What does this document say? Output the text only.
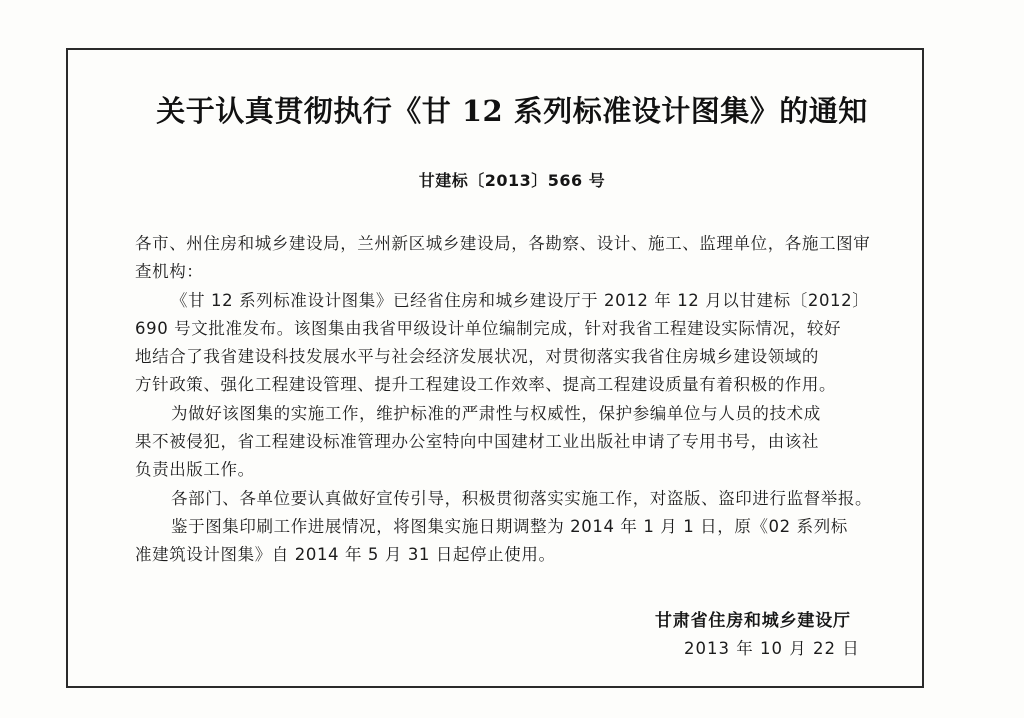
关于认真贯彻执行《甘 12 系列标准设计图集》的通知
甘建标〔2013〕566 号
各市、州住房和城乡建设局，兰州新区城乡建设局，各勘察、设计、施工、监理单位，各施工图审
查机构：
《甘 12 系列标准设计图集》已经省住房和城乡建设厅于 2012 年 12 月以甘建标〔2012〕
690 号文批准发布。该图集由我省甲级设计单位编制完成，针对我省工程建设实际情况，较好
地结合了我省建设科技发展水平与社会经济发展状况，对贯彻落实我省住房城乡建设领域的
方针政策、强化工程建设管理、提升工程建设工作效率、提高工程建设质量有着积极的作用。
为做好该图集的实施工作，维护标准的严肃性与权威性，保护参编单位与人员的技术成
果不被侵犯，省工程建设标准管理办公室特向中国建材工业出版社申请了专用书号，由该社
负责出版工作。
各部门、各单位要认真做好宣传引导，积极贯彻落实实施工作，对盗版、盗印进行监督举报。
鉴于图集印刷工作进展情况，将图集实施日期调整为 2014 年 1 月 1 日，原《02 系列标
准建筑设计图集》自 2014 年 5 月 31 日起停止使用。
甘肃省住房和城乡建设厅
2013 年 10 月 22 日
